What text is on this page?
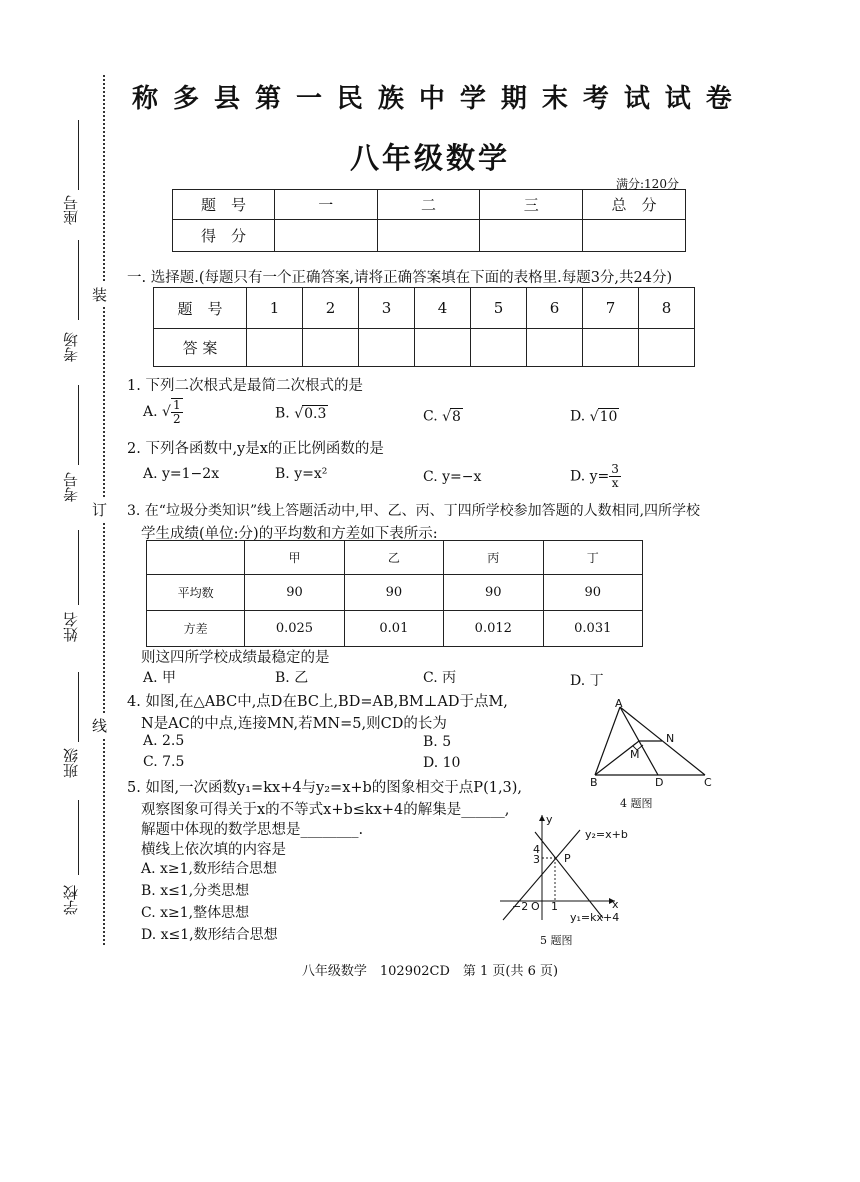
座号
考场
考号
姓名
班级
学校
装
订
线
称 多 县 第 一 民 族 中 学 期 末 考 试 试 卷
八年级数学
满分:120分
题　号	一	二	三	总　分
得　分				
一. 选择题.(每题只有一个正确答案,请将正确答案填在下面的表格里.每题3分,共24分)
题　号	1	2	3	4	5	6	7	8
答 案								
1. 下列二次根式是最简二次根式的是
A. √ $\frac{1}{2}$	B. √ 0.3	C. √ 8	D. √ 10
2. 下列各函数中,y是x的正比例函数的是
A. y=1−2x	B. y=x²	C. y=−x	D. $y= \frac{3}{x}$
3. 在“垃圾分类知识”线上答题活动中,甲、乙、丙、丁四所学校参加答题的人数相同,四所学校
学生成绩(单位:分)的平均数和方差如下表所示:
	甲	乙	丙	丁
平均数	90	90	90	90
方差	0.025	0.01	0.012	0.031
则这四所学校成绩最稳定的是
A. 甲	B. 乙	C. 丙	D. 丁
4. 如图,在△ABC中,点D在BC上,BD=AB,BM⊥AD于点M,
N是AC的中点,连接MN,若MN=5,则CD的长为
A. 2.5	B. 5
C. 7.5	D. 10
A
N
M
B	D	C
4 题图
5. 如图,一次函数y₁=kx+4与y₂=x+b的图象相交于点P(1,3),
观察图象可得关于x的不等式x+b≤kx+4的解集是______,
解题中体现的数学思想是________.
横线上依次填的内容是
A. x≥1,数形结合思想
B. x≤1,分类思想
C. x≥1,整体思想
D. x≤1,数形结合思想
y
y₂=x+b
4
3 P
−2 O 1	x
y₁=kx+4
5 题图
八年级数学　102902CD　第 1 页(共 6 页)
